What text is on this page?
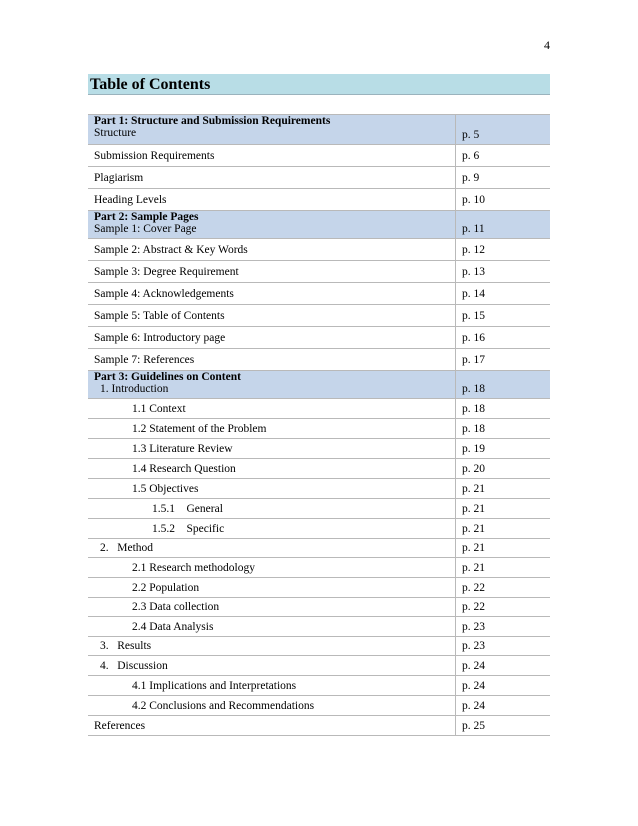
4
Table of Contents
Part 1: Structure and Submission Requirements
Structure	p. 5
Submission Requirements	p. 6
Plagiarism	p. 9
Heading Levels	p. 10

Part 2: Sample Pages
Sample 1: Cover Page	p. 11
Sample 2: Abstract & Key Words	p. 12
Sample 3: Degree Requirement	p. 13
Sample 4: Acknowledgements	p. 14
Sample 5: Table of Contents	p. 15
Sample 6: Introductory page	p. 16
Sample 7: References	p. 17

Part 3: Guidelines on Content
1. Introduction	p. 18
1.1 Context	p. 18
1.2 Statement of the Problem	p. 18
1.3 Literature Review	p. 19
1.4 Research Question	p. 20
1.5 Objectives	p. 21
1.5.1    General	p. 21
1.5.2    Specific	p. 21
2.   Method	p. 21
2.1 Research methodology	p. 21
2.2 Population	p. 22
2.3 Data collection	p. 22
2.4 Data Analysis	p. 23
3.   Results	p. 23
4.   Discussion	p. 24
4.1 Implications and Interpretations	p. 24
4.2 Conclusions and Recommendations	p. 24
References	p. 25
